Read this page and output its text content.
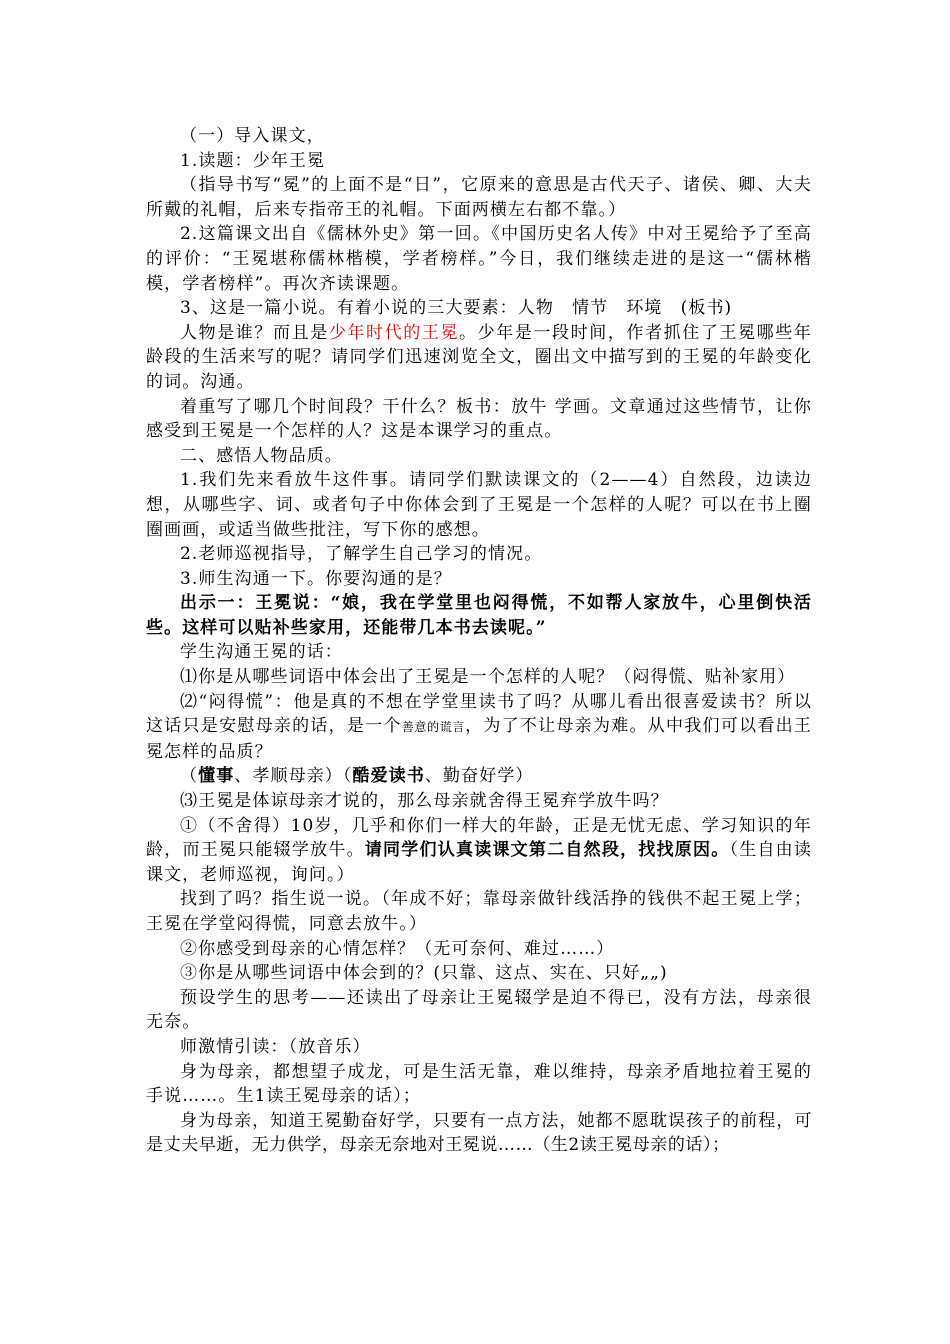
（一）导入课文，

1.读题：少年王冕

（指导书写“冕”的上面不是“日”，它原来的意思是古代天子、诸侯、卿、大夫所戴的礼帽，后来专指帝王的礼帽。下面两横左右都不靠。）

2.这篇课文出自《儒林外史》第一回。《中国历史名人传》中对王冕给予了至高的评价：“王冕堪称儒林楷模，学者榜样。”今日，我们继续走进的是这一“儒林楷模，学者榜样”。再次齐读课题。

3、这是一篇小说。有着小说的三大要素：人物　情节　环境　(板书)

人物是谁？而且是少年时代的王冕。少年是一段时间，作者抓住了王冕哪些年龄段的生活来写的呢？请同学们迅速浏览全文，圈出文中描写到的王冕的年龄变化的词。沟通。

着重写了哪几个时间段？干什么？板书：放牛 学画。文章通过这些情节，让你感受到王冕是一个怎样的人？这是本课学习的重点。

二、感悟人物品质。

1.我们先来看放牛这件事。请同学们默读课文的（2——4）自然段，边读边想，从哪些字、词、或者句子中你体会到了王冕是一个怎样的人呢？可以在书上圈圈画画，或适当做些批注，写下你的感想。

2.老师巡视指导，了解学生自己学习的情况。

3.师生沟通一下。你要沟通的是？

出示一：王冕说：“娘，我在学堂里也闷得慌，不如帮人家放牛，心里倒快活些。这样可以贴补些家用，还能带几本书去读呢。”

学生沟通王冕的话：

⑴你是从哪些词语中体会出了王冕是一个怎样的人呢？（闷得慌、贴补家用）

⑵“闷得慌”：他是真的不想在学堂里读书了吗？从哪儿看出很喜爱读书？所以这话只是安慰母亲的话，是一个善意的谎言，为了不让母亲为难。从中我们可以看出王冕怎样的品质？

（懂事、孝顺母亲）（酷爱读书、勤奋好学）

⑶王冕是体谅母亲才说的，那么母亲就舍得王冕弃学放牛吗？

①（不舍得）10岁，几乎和你们一样大的年龄，正是无忧无虑、学习知识的年龄，而王冕只能辍学放牛。请同学们认真读课文第二自然段，找找原因。（生自由读课文，老师巡视，询问。）

找到了吗？指生说一说。（年成不好；靠母亲做针线活挣的钱供不起王冕上学；王冕在学堂闷得慌，同意去放牛。）

②你感受到母亲的心情怎样？（无可奈何、难过……）

③你是从哪些词语中体会到的？(只靠、这点、实在、只好„„)

预设学生的思考——还读出了母亲让王冕辍学是迫不得已，没有方法，母亲很无奈。

师激情引读：（放音乐）

身为母亲，都想望子成龙，可是生活无靠，难以维持，母亲矛盾地拉着王冕的手说……。生1读王冕母亲的话）；

身为母亲，知道王冕勤奋好学，只要有一点方法，她都不愿耽误孩子的前程，可是丈夫早逝，无力供学，母亲无奈地对王冕说……（生2读王冕母亲的话）；
